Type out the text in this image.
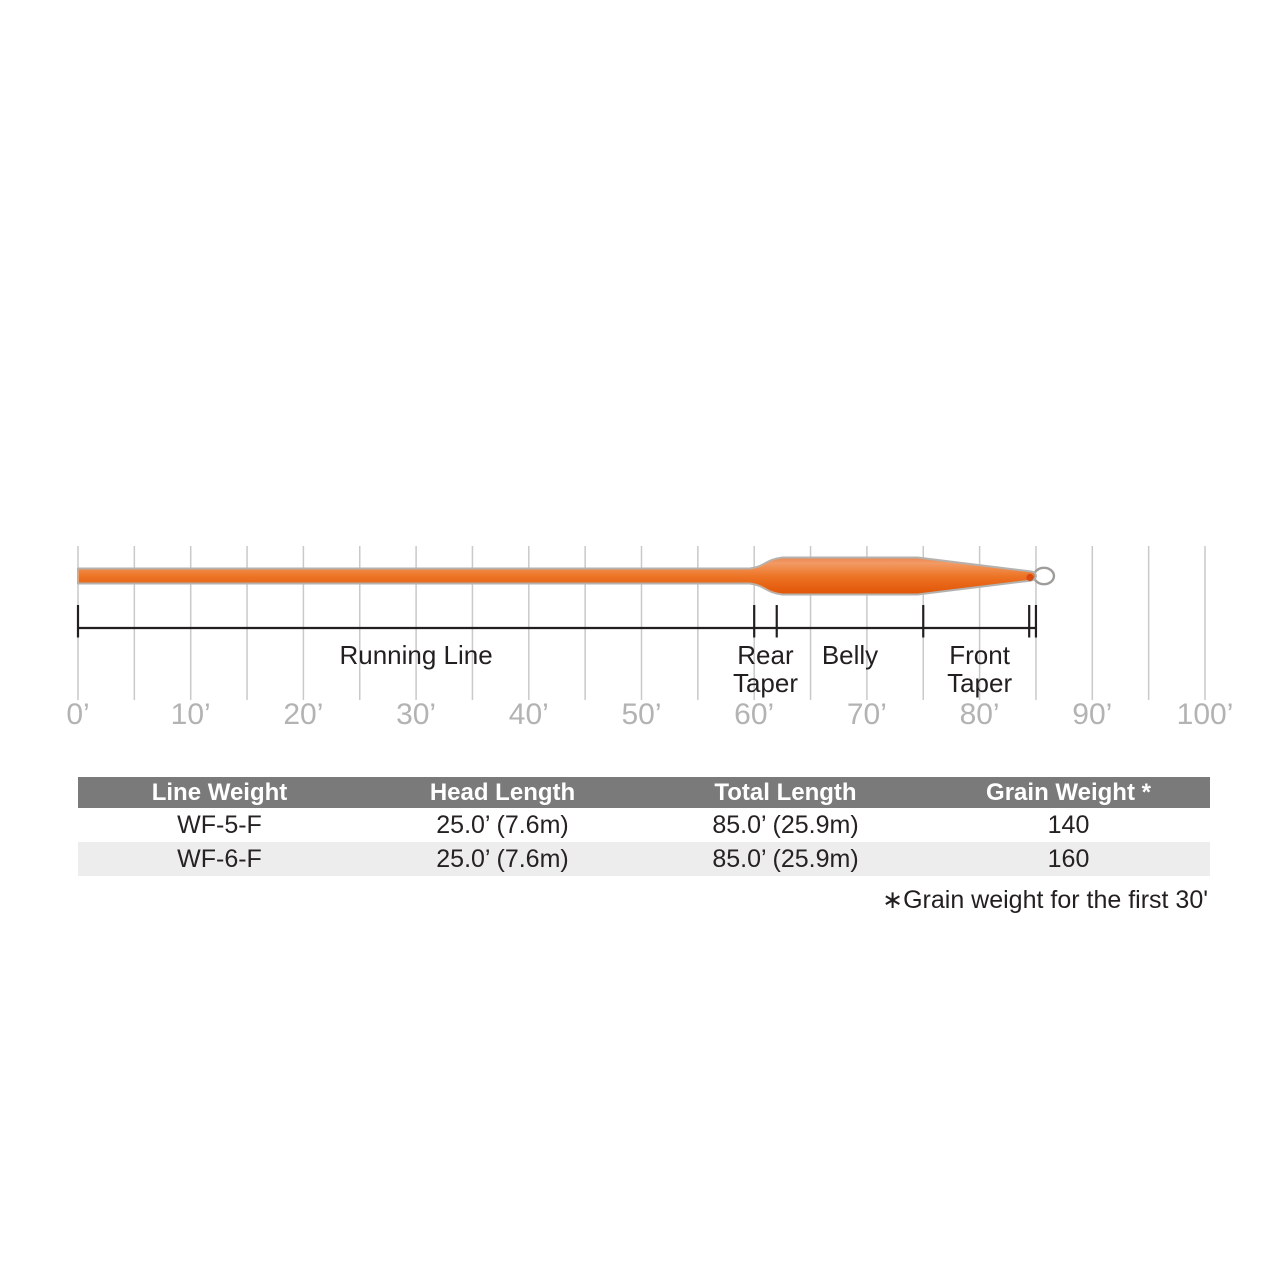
Running Line	Rear Taper
Belly	Front Taper
0’	10’ 20’ 30’ 40’ 50’ 60’ 70’ 80’ 90’ 100’
Line Weight	Head Length	Total Length	Grain Weight *
WF-5-F	25.0’ (7.6m)	85.0’ (25.9m)	140
WF-6-F	25.0’ (7.6m)	85.0’ (25.9m)	160
∗Grain weight for the first 30'
